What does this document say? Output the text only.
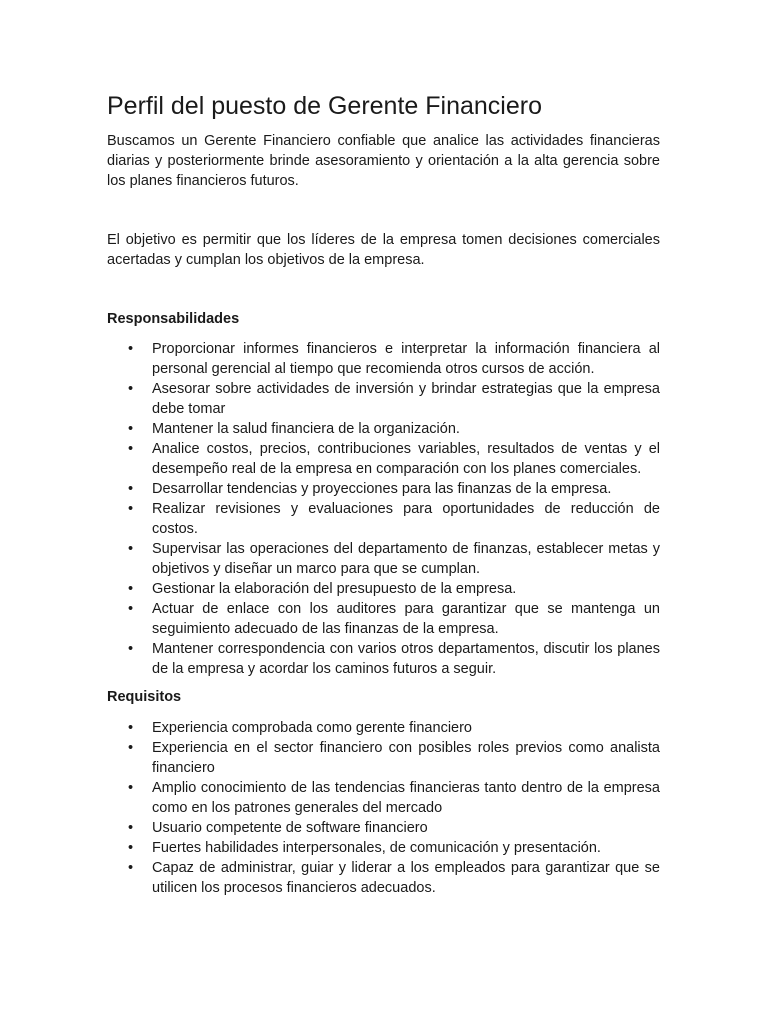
Perfil del puesto de Gerente Financiero

Buscamos un Gerente Financiero confiable que analice las actividades financieras diarias y posteriormente brinde asesoramiento y orientación a la alta gerencia sobre los planes financieros futuros.

El objetivo es permitir que los líderes de la empresa tomen decisiones comerciales acertadas y cumplan los objetivos de la empresa.

Responsabilidades
• Proporcionar informes financieros e interpretar la información financiera al personal gerencial al tiempo que recomienda otros cursos de acción.
• Asesorar sobre actividades de inversión y brindar estrategias que la empresa debe tomar
• Mantener la salud financiera de la organización.
• Analice costos, precios, contribuciones variables, resultados de ventas y el desempeño real de la empresa en comparación con los planes comerciales.
• Desarrollar tendencias y proyecciones para las finanzas de la empresa.
• Realizar revisiones y evaluaciones para oportunidades de reducción de costos.
• Supervisar las operaciones del departamento de finanzas, establecer metas y objetivos y diseñar un marco para que se cumplan.
• Gestionar la elaboración del presupuesto de la empresa.
• Actuar de enlace con los auditores para garantizar que se mantenga un seguimiento adecuado de las finanzas de la empresa.
• Mantener correspondencia con varios otros departamentos, discutir los planes de la empresa y acordar los caminos futuros a seguir.
Requisitos
• Experiencia comprobada como gerente financiero
• Experiencia en el sector financiero con posibles roles previos como analista financiero
• Amplio conocimiento de las tendencias financieras tanto dentro de la empresa como en los patrones generales del mercado
• Usuario competente de software financiero
• Fuertes habilidades interpersonales, de comunicación y presentación.
• Capaz de administrar, guiar y liderar a los empleados para garantizar que se utilicen los procesos financieros adecuados.
